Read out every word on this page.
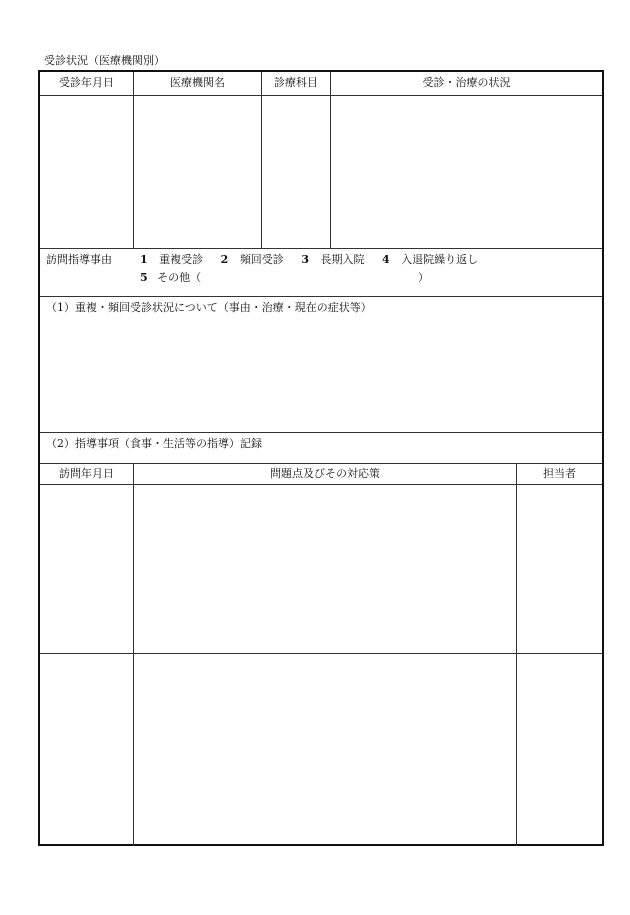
受診状況（医療機関別）
受診年月日	医療機関名	診療科目	受診・治療の状況
訪問指導事由	1 重複受診 2 頻回受診 3 長期入院 4 入退院繰り返し
5 その他（	）
（1）重複・頻回受診状況について（事由・治療・現在の症状等）
（2）指導事項（食事・生活等の指導）記録
訪問年月日	問題点及びその対応策	担当者
